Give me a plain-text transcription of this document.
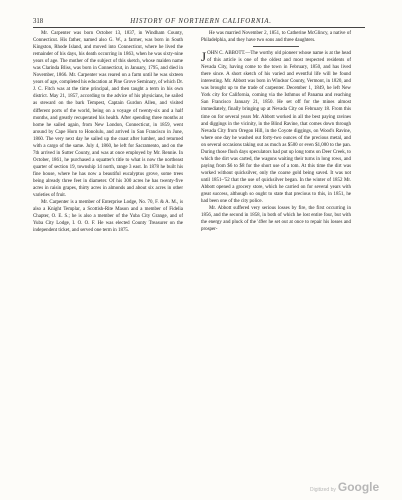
318	HISTORY OF NORTHERN CALIFORNIA.

Mr. Carpenter was born October 13, 1837, in Windham County, Connecticut. His father, named also G. W., a farmer, was born in South Kingston, Rhode Island, and moved into Connecticut, where he lived the remainder of his days, his death occurring in 1863, when he was sixty-nine years of age. The mother of the subject of this sketch, whose maiden name was Clarinda Bliss, was born in Connecticut, in January, 1795, and died in November, 1866. Mr. Carpenter was reared on a farm until he was sixteen years of age, completed his education at Pine Grove Seminary, of which Dr. J. C. Fitch was at the time principal, and then taught a term in his own district. May 21, 1857, according to the advice of his physicians, he sailed as steward on the bark Tempest, Captain Gurdon Allen, and visited different ports of the world, being on a voyage of twenty-six and a half months, and greatly recuperated his health. After spending three months at home he sailed again, from New London, Connecticut, in 1859, went around by Cape Horn to Honolulu, and arrived in San Francisco in June, 1860. The very next day he sailed up the coast after lumber, and returned with a cargo of the same. July 4, 1860, he left for Sacramento, and on the 7th arrived in Sutter County, and was at once employed by Mr. Rennie. In October, 1861, he purchased a squatter's title to what is now the northeast quarter of section 19, township 14 north, range 3 east. In 1878 he built his fine house, where he has now a beautiful eucalyptus grove, some trees being already three feet in diameter. Of his 300 acres he has twenty-five acres in raisin grapes, thirty acres in almonds and about six acres in other varieties of fruit.

Mr. Carpenter is a member of Enterprise Lodge, No. 70, F. & A. M., is also a Knight Templar, a Scottish-Rite Mason and a member of Fidelia Chapter, O. E. S.; he is also a member of the Yuba City Grange, and of Yuba City Lodge, I. O. O. F. He was elected County Treasurer on the independent ticket, and served one term in 1875.

He was married November 2, 1851, to Catherine McGlincy, a native of Philadelphia, and they have two sons and three daughters.

JOHN C. ABBOTT.—The worthy old pioneer whose name is at the head of this article is one of the oldest and most respected residents of Nevada City, having come to the town in February, 1850, and has lived there since. A short sketch of his varied and eventful life will be found interesting. Mr. Abbott was born in Windsor County, Vermont, in 1820, and was brought up to the trade of carpenter. December 1, 1849, he left New York city for California, coming via the Isthmus of Panama and reaching San Francisco January 21, 1850. He set off for the mines almost immediately, finally bringing up at Nevada City on February 18. From this time on for several years Mr. Abbott worked in all the best paying ravines and diggings in the vicinity, in the Blind Ravine, that comes down through Nevada City from Oregon Hill, in the Coyote diggings, on Wood's Ravine, where one day he washed out forty-two ounces of the precious metal, and on several occasions taking out as much as $500 or even $1,000 to the pan. During those flush days speculators had put up long toms on Deer Creek, to which the dirt was carted, the wagons waiting their turns in long rows, and paying from $6 to $8 for the short use of a tom. At this time the dirt was worked without quicksilver, only the coarse gold being saved. It was not until 1851–'52 that the use of quicksilver began. In the winter of 1852 Mr. Abbott opened a grocery store, which he carried on for several years with great success, although so ought to state that precious to this, in 1851, he had been one of the city police.

Mr. Abbott suffered very serious losses by fire, the first occurring in 1856, and the second in 1858, in both of which he lost entire four, but with the energy and pluck of the '49er he set out at once to repair his losses and prosper-

Digitized by Google
